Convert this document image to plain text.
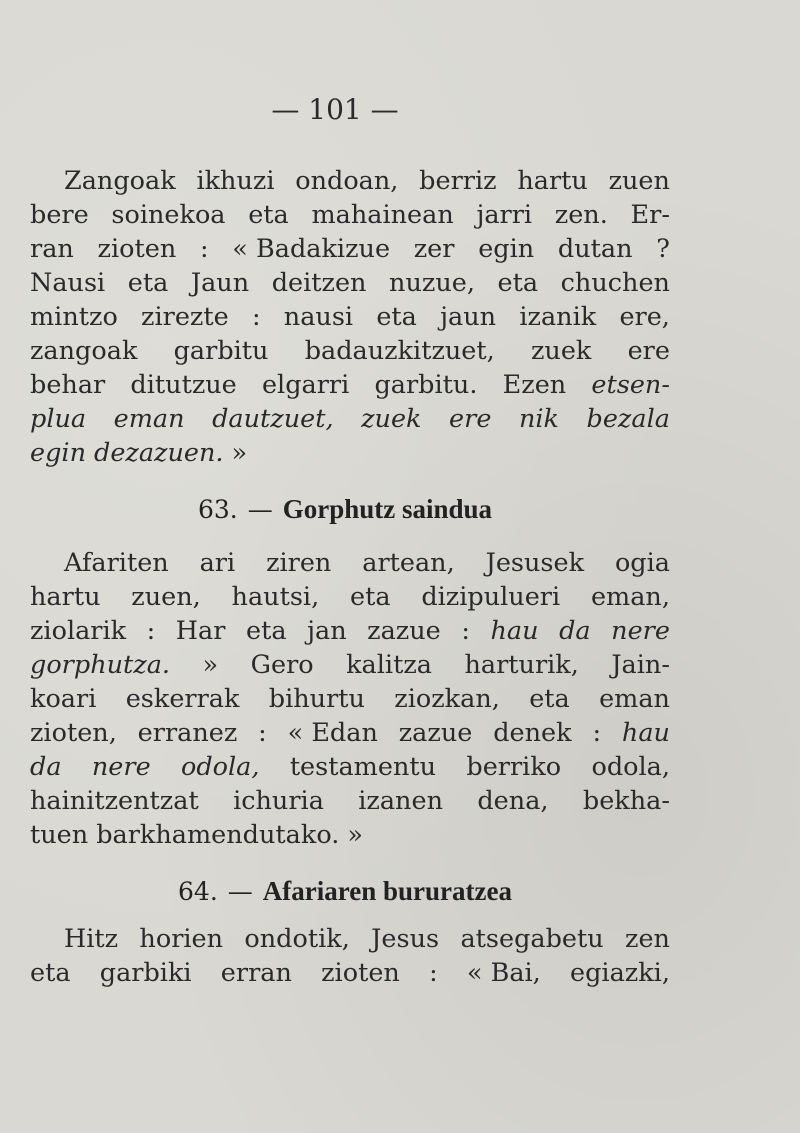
— 101 —
Zangoak ikhuzi ondoan, berriz hartu zuen
bere soinekoa eta mahainean jarri zen. Er-
ran zioten : « Badakizue zer egin dutan ?
Nausi eta Jaun deitzen nuzue, eta chuchen
mintzo zirezte : nausi eta jaun izanik ere,
zangoak garbitu badauzkitzuet, zuek ere
behar ditutzue elgarri garbitu. Ezen etsen-
plua eman dautzuet, zuek ere nik bezala
egin dezazuen. »
63. — Gorphutz saindua
Afariten ari ziren artean, Jesusek ogia
hartu zuen, hautsi, eta dizipulueri eman,
ziolarik : Har eta jan zazue : hau da nere
gorphutza. » Gero kalitza harturik, Jain-
koari eskerrak bihurtu ziozkan, eta eman
zioten, erranez : « Edan zazue denek : hau
da nere odola, testamentu berriko odola,
hainitzentzat ichuria izanen dena, bekha-
tuen barkhamendutako. »
64. — Afariaren bururatzea
Hitz horien ondotik, Jesus atsegabetu zen
eta garbiki erran zioten : « Bai, egiazki,
